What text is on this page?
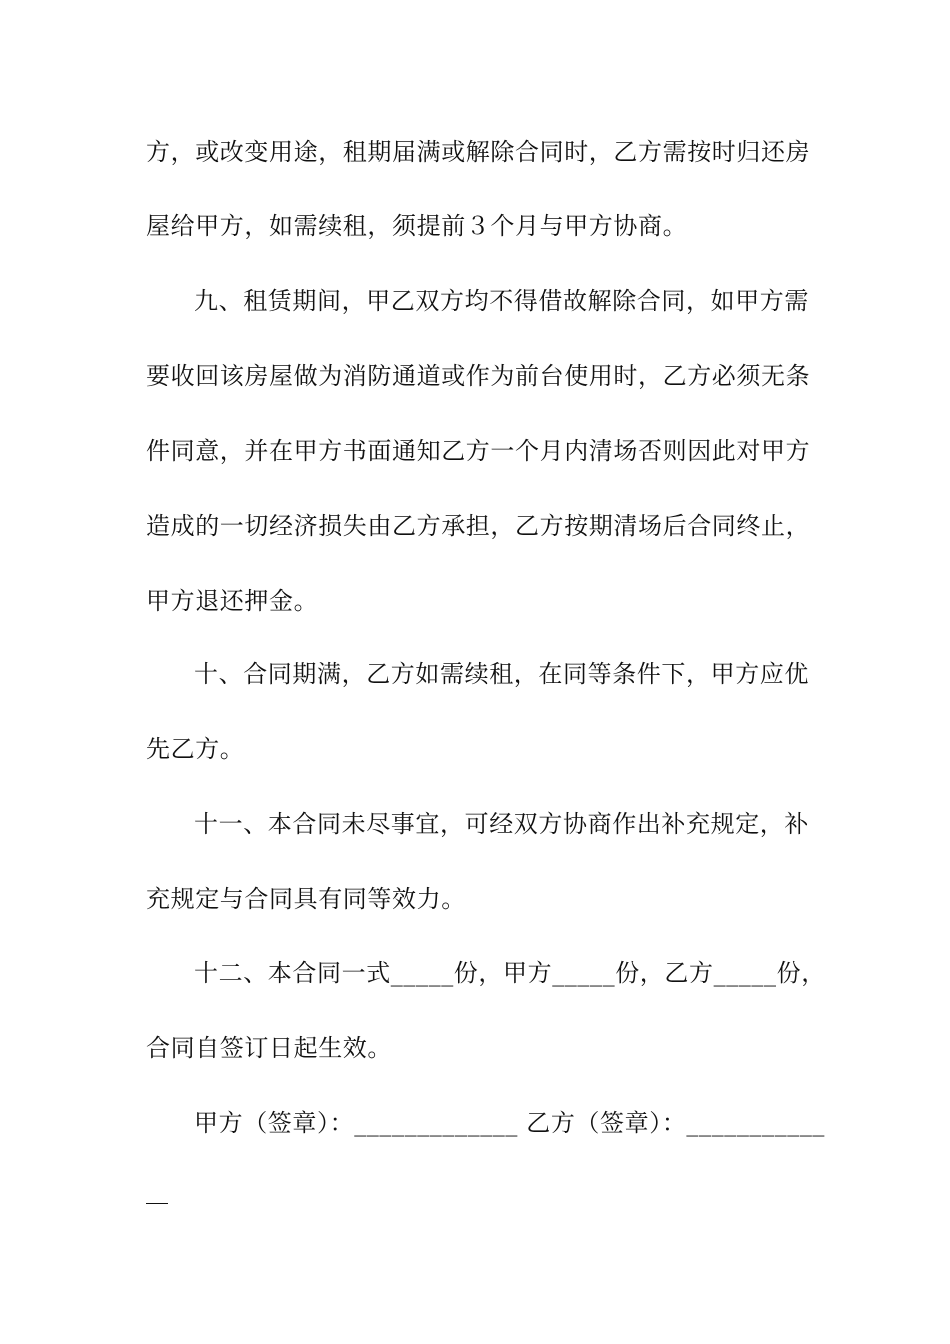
方，或改变用途，租期届满或解除合同时，乙方需按时归还房
屋给甲方，如需续租，须提前３个月与甲方协商。
九、租赁期间，甲乙双方均不得借故解除合同，如甲方需
要收回该房屋做为消防通道或作为前台使用时，乙方必须无条
件同意，并在甲方书面通知乙方一个月内清场否则因此对甲方
造成的一切经济损失由乙方承担，乙方按期清场后合同终止，
甲方退还押金。
十、合同期满，乙方如需续租，在同等条件下，甲方应优
先乙方。
十一、本合同未尽事宜，可经双方协商作出补充规定，补
充规定与合同具有同等效力。
十二、本合同一式_____份，甲方_____份，乙方_____份，
合同自签订日起生效。
甲方（签章）：_____________ 乙方（签章）：___________
